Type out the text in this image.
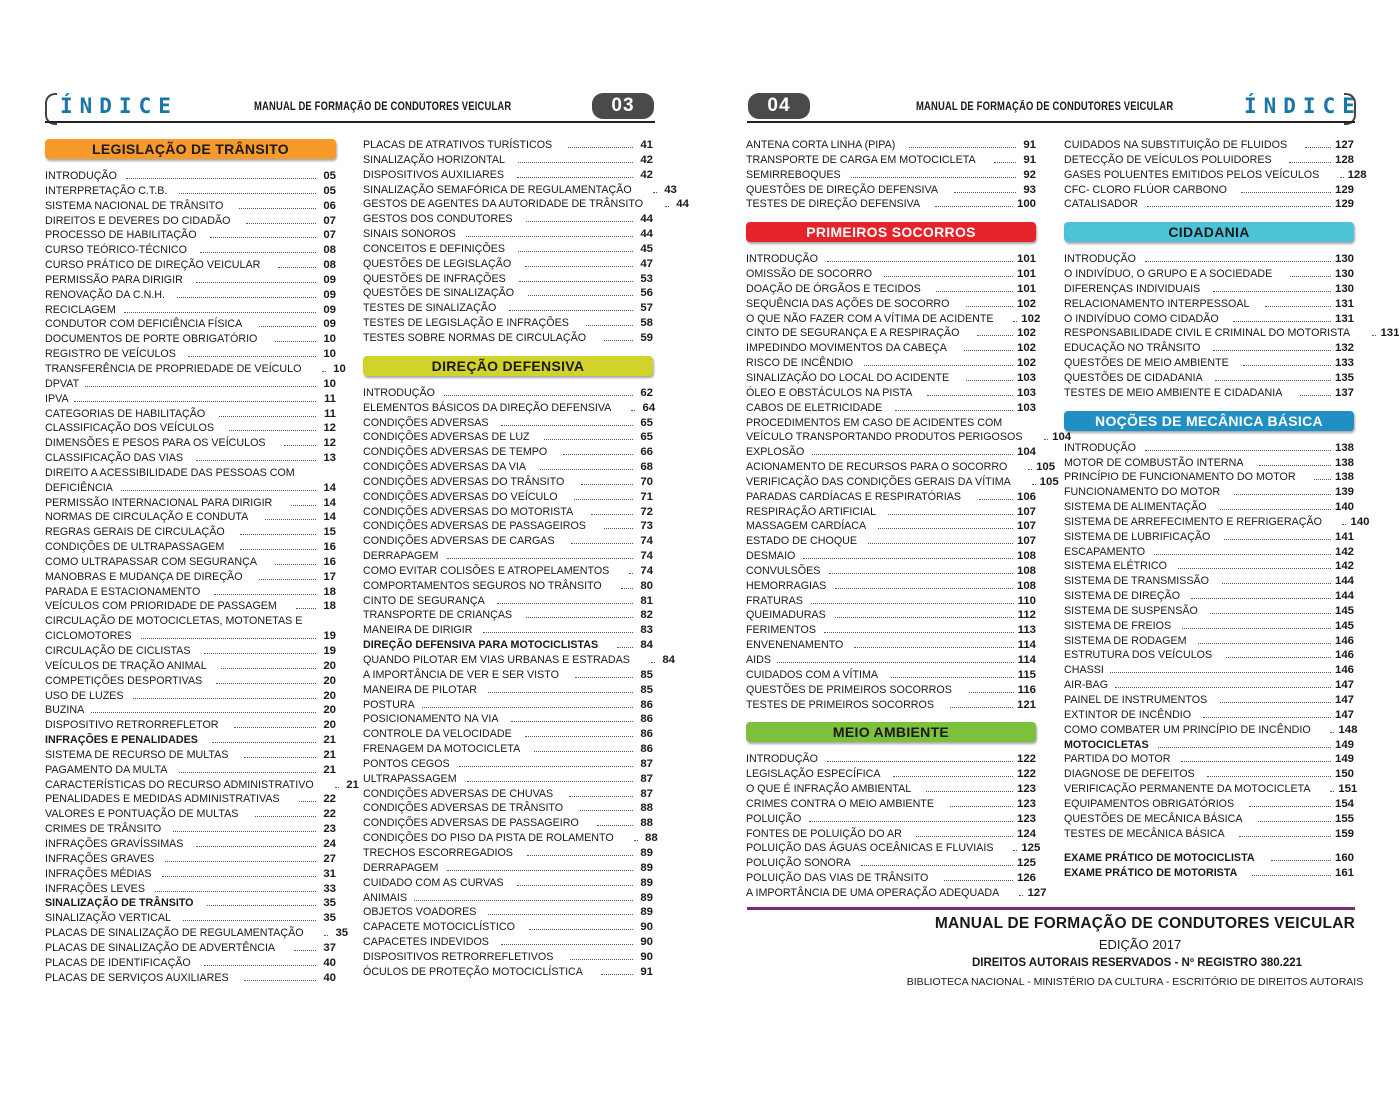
ÍNDICE	MANUAL DE FORMAÇÃO DE CONDUTORES VEICULAR	03
LEGISLAÇÃO DE TRÂNSITO
INTRODUÇÃO	05
INTERPRETAÇÃO C.T.B.	05
SISTEMA NACIONAL DE TRÂNSITO	06
DIREITOS E DEVERES DO CIDADÃO	07
PROCESSO DE HABILITAÇÃO	07
CURSO TEÓRICO-TÉCNICO	08
CURSO PRÁTICO DE DIREÇÃO VEICULAR	08
PERMISSÃO PARA DIRIGIR	09
RENOVAÇÃO DA C.N.H.	09
RECICLAGEM	09
CONDUTOR COM DEFICIÊNCIA FÍSICA	09
DOCUMENTOS DE PORTE OBRIGATÓRIO	10
REGISTRO DE VEÍCULOS	10
TRANSFERÊNCIA DE PROPRIEDADE DE VEÍCULO	10
DPVAT	10
IPVA	11
CATEGORIAS DE HABILITAÇÃO	11
CLASSIFICAÇÃO DOS VEÍCULOS	12
DIMENSÕES E PESOS PARA OS VEÍCULOS	12
CLASSIFICAÇÃO DAS VIAS	13
DIREITO A ACESSIBILIDADE DAS PESSOAS COM
DEFICIÊNCIA	14
PERMISSÃO INTERNACIONAL PARA DIRIGIR	14
NORMAS DE CIRCULAÇÃO E CONDUTA	14
REGRAS GERAIS DE CIRCULAÇÃO	15
CONDIÇÕES DE ULTRAPASSAGEM	16
COMO ULTRAPASSAR COM SEGURANÇA	16
MANOBRAS E MUDANÇA DE DIREÇÃO	17
PARADA E ESTACIONAMENTO	18
VEÍCULOS COM PRIORIDADE DE PASSAGEM	18
CIRCULAÇÃO DE MOTOCICLETAS, MOTONETAS E
CICLOMOTORES	19
CIRCULAÇÃO DE CICLISTAS	19
VEÍCULOS DE TRAÇÃO ANIMAL	20
COMPETIÇÕES DESPORTIVAS	20
USO DE LUZES	20
BUZINA	20
DISPOSITIVO RETRORREFLETOR	20
INFRAÇÕES E PENALIDADES	21
SISTEMA DE RECURSO DE MULTAS	21
PAGAMENTO DA MULTA	21
CARACTERÍSTICAS DO RECURSO ADMINISTRATIVO	21
PENALIDADES E MEDIDAS ADMINISTRATIVAS	22
VALORES E PONTUAÇÃO DE MULTAS	22
CRIMES DE TRÂNSITO	23
INFRAÇÕES GRAVÍSSIMAS	24
INFRAÇÕES GRAVES	27
INFRAÇÕES MÉDIAS	31
INFRAÇÕES LEVES	33
SINALIZAÇÃO DE TRÂNSITO	35
SINALIZAÇÃO VERTICAL	35
PLACAS DE SINALIZAÇÃO DE REGULAMENTAÇÃO	35
PLACAS DE SINALIZAÇÃO DE ADVERTÊNCIA	37
PLACAS DE IDENTIFICAÇÃO	40
PLACAS DE SERVIÇOS AUXILIARES	40
PLACAS DE ATRATIVOS TURÍSTICOS	41
SINALIZAÇÃO HORIZONTAL	42
DISPOSITIVOS AUXILIARES	42
SINALIZAÇÃO SEMAFÓRICA DE REGULAMENTAÇÃO	43
GESTOS DE AGENTES DA AUTORIDADE DE TRÂNSITO	44
GESTOS DOS CONDUTORES	44
SINAIS SONOROS	44
CONCEITOS E DEFINIÇÕES	45
QUESTÕES DE LEGISLAÇÃO	47
QUESTÕES DE INFRAÇÕES	53
QUESTÕES DE SINALIZAÇÃO	56
TESTES DE SINALIZAÇÃO	57
TESTES DE LEGISLAÇÃO E INFRAÇÕES	58
TESTES SOBRE NORMAS DE CIRCULAÇÃO	59
DIREÇÃO DEFENSIVA
INTRODUÇÃO	62
ELEMENTOS BÁSICOS DA DIREÇÃO DEFENSIVA	64
CONDIÇÕES ADVERSAS	65
CONDIÇÕES ADVERSAS DE LUZ	65
CONDIÇÕES ADVERSAS DE TEMPO	66
CONDIÇÕES ADVERSAS DA VIA	68
CONDIÇÕES ADVERSAS DO TRÂNSITO	70
CONDIÇÕES ADVERSAS DO VEÍCULO	71
CONDIÇÕES ADVERSAS DO MOTORISTA	72
CONDIÇÕES ADVERSAS DE PASSAGEIROS	73
CONDIÇÕES ADVERSAS DE CARGAS	74
DERRAPAGEM	74
COMO EVITAR COLISÕES E ATROPELAMENTOS	74
COMPORTAMENTOS SEGUROS NO TRÂNSITO	80
CINTO DE SEGURANÇA	81
TRANSPORTE DE CRIANÇAS	82
MANEIRA DE DIRIGIR	83
DIREÇÃO DEFENSIVA PARA MOTOCICLISTAS	84
QUANDO PILOTAR EM VIAS URBANAS E ESTRADAS	84
A IMPORTÂNCIA DE VER E SER VISTO	85
MANEIRA DE PILOTAR	85
POSTURA	86
POSICIONAMENTO NA VIA	86
CONTROLE DA VELOCIDADE	86
FRENAGEM DA MOTOCICLETA	86
PONTOS CEGOS	87
ULTRAPASSAGEM	87
CONDIÇÕES ADVERSAS DE CHUVAS	87
CONDIÇÕES ADVERSAS DE TRÂNSITO	88
CONDIÇÕES ADVERSAS DE PASSAGEIRO	88
CONDIÇÕES DO PISO DA PISTA DE ROLAMENTO	88
TRECHOS ESCORREGADIOS	89
DERRAPAGEM	89
CUIDADO COM AS CURVAS	89
ANIMAIS	89
OBJETOS VOADORES	89
CAPACETE MOTOCICLÍSTICO	90
CAPACETES INDEVIDOS	90
DISPOSITIVOS RETRORREFLETIVOS	90
ÓCULOS DE PROTEÇÃO MOTOCICLÍSTICA	91
04	MANUAL DE FORMAÇÃO DE CONDUTORES VEICULAR	ÍNDICE
ANTENA CORTA LINHA (PIPA)	91
TRANSPORTE DE CARGA EM MOTOCICLETA	91
SEMIRREBOQUES	92
QUESTÕES DE DIREÇÃO DEFENSIVA	93
TESTES DE DIREÇÃO DEFENSIVA	100
PRIMEIROS SOCORROS
INTRODUÇÃO	101
OMISSÃO DE SOCORRO	101
DOAÇÃO DE ÓRGÃOS E TECIDOS	101
SEQUÊNCIA DAS AÇÕES DE SOCORRO	102
O QUE NÃO FAZER COM A VÍTIMA DE ACIDENTE 102
CINTO DE SEGURANÇA E A RESPIRAÇÃO	102
IMPEDINDO MOVIMENTOS DA CABEÇA	102
RISCO DE INCÊNDIO	102
SINALIZAÇÃO DO LOCAL DO ACIDENTE	103
ÓLEO E OBSTÁCULOS NA PISTA	103
CABOS DE ELETRICIDADE	103
PROCEDIMENTOS EM CASO DE ACIDENTES COM
VEÍCULO TRANSPORTANDO PRODUTOS PERIGOSOS	104
EXPLOSÃO	104
ACIONAMENTO DE RECURSOS PARA O SOCORRO	105
VERIFICAÇÃO DAS CONDIÇÕES GERAIS DA VÍTIMA	105
PARADAS CARDÍACAS E RESPIRATÓRIAS	106
RESPIRAÇÃO ARTIFICIAL	107
MASSAGEM CARDÍACA	107
ESTADO DE CHOQUE	107
DESMAIO	108
CONVULSÕES	108
HEMORRAGIAS	108
FRATURAS	110
QUEIMADURAS	112
FERIMENTOS	113
ENVENENAMENTO	114
AIDS	114
CUIDADOS COM A VÍTIMA	115
QUESTÕES DE PRIMEIROS SOCORROS	116
TESTES DE PRIMEIROS SOCORROS	121
MEIO AMBIENTE
INTRODUÇÃO	122
LEGISLAÇÃO ESPECÍFICA	122
O QUE É INFRAÇÃO AMBIENTAL	123
CRIMES CONTRA O MEIO AMBIENTE	123
POLUIÇÃO	123
FONTES DE POLUIÇÃO DO AR	124
POLUIÇÃO DAS ÁGUAS OCEÂNICAS E FLUVIAIS 125
POLUIÇÃO SONORA	125
POLUIÇÃO DAS VIAS DE TRÂNSITO	126
A IMPORTÂNCIA DE UMA OPERAÇÃO ADEQUADA 127
CUIDADOS NA SUBSTITUIÇÃO DE FLUIDOS	127
DETECÇÃO DE VEÍCULOS POLUIDORES	128
GASES POLUENTES EMITIDOS PELOS VEÍCULOS 128
CFC- CLORO FLÚOR CARBONO	129
CATALISADOR	129
CIDADANIA
INTRODUÇÃO	130
O INDIVÍDUO, O GRUPO E A SOCIEDADE	130
DIFERENÇAS INDIVIDUAIS	130
RELACIONAMENTO INTERPESSOAL	131
O INDIVÍDUO COMO CIDADÃO	131
RESPONSABILIDADE CIVIL E CRIMINAL DO MOTORISTA	131
EDUCAÇÃO NO TRÂNSITO	132
QUESTÕES DE MEIO AMBIENTE	133
QUESTÕES DE CIDADANIA	135
TESTES DE MEIO AMBIENTE E CIDADANIA	137
NOÇÕES DE MECÂNICA BÁSICA
INTRODUÇÃO	138
MOTOR DE COMBUSTÃO INTERNA	138
PRINCÍPIO DE FUNCIONAMENTO DO MOTOR	138
FUNCIONAMENTO DO MOTOR	139
SISTEMA DE ALIMENTAÇÃO	140
SISTEMA DE ARREFECIMENTO E REFRIGERAÇÃO 140
SISTEMA DE LUBRIFICAÇÃO	141
ESCAPAMENTO	142
SISTEMA ELÉTRICO	142
SISTEMA DE TRANSMISSÃO	144
SISTEMA DE DIREÇÃO	144
SISTEMA DE SUSPENSÃO	145
SISTEMA DE FREIOS	145
SISTEMA DE RODAGEM	146
ESTRUTURA DOS VEÍCULOS	146
CHASSI	146
AIR-BAG	147
PAINEL DE INSTRUMENTOS	147
EXTINTOR DE INCÊNDIO	147
COMO COMBATER UM PRINCÍPIO DE INCÊNDIO 148
MOTOCICLETAS	149
PARTIDA DO MOTOR	149
DIAGNOSE DE DEFEITOS	150
VERIFICAÇÃO PERMANENTE DA MOTOCICLETA 151
EQUIPAMENTOS OBRIGATÓRIOS	154
QUESTÕES DE MECÂNICA BÁSICA	155
TESTES DE MECÂNICA BÁSICA	159
EXAME PRÁTICO DE MOTOCICLISTA	160
EXAME PRÁTICO DE MOTORISTA	161
MANUAL DE FORMAÇÃO DE CONDUTORES VEICULAR
EDIÇÃO 2017
DIREITOS AUTORAIS RESERVADOS - Nº REGISTRO 380.221
BIBLIOTECA NACIONAL - MINISTÉRIO DA CULTURA - ESCRITÓRIO DE DIREITOS AUTORAIS
